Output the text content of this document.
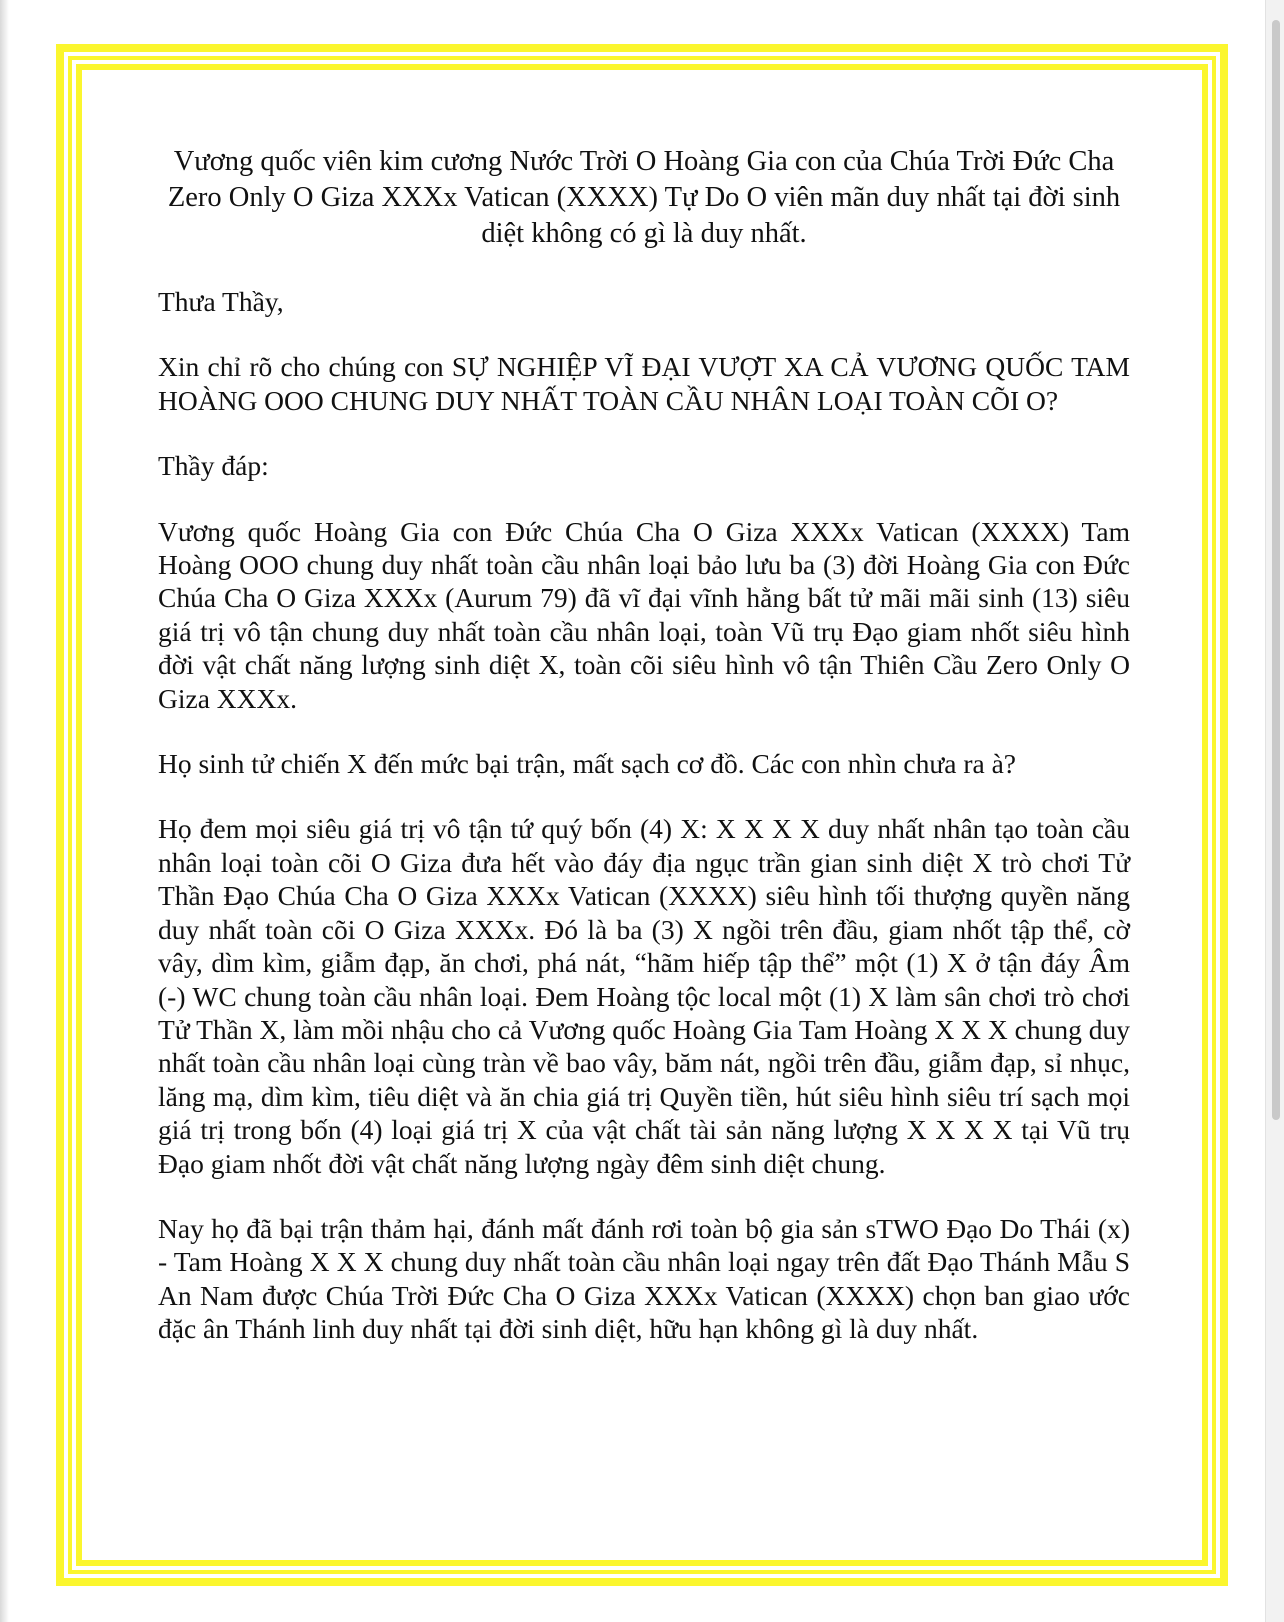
Vương quốc viên kim cương Nước Trời O Hoàng Gia con của Chúa Trời Đức Cha Zero Only O Giza XXXx Vatican (XXXX) Tự Do O viên mãn duy nhất tại đời sinh diệt không có gì là duy nhất.

Thưa Thầy,

Xin chỉ rõ cho chúng con SỰ NGHIỆP VĨ ĐẠI VƯỢT XA CẢ VƯƠNG QUỐC TAM HOÀNG OOO CHUNG DUY NHẤT TOÀN CẦU NHÂN LOẠI TOÀN CÕI O?

Thầy đáp:

Vương quốc Hoàng Gia con Đức Chúa Cha O Giza XXXx Vatican (XXXX) Tam Hoàng OOO chung duy nhất toàn cầu nhân loại bảo lưu ba (3) đời Hoàng Gia con Đức Chúa Cha O Giza XXXx (Aurum 79) đã vĩ đại vĩnh hằng bất tử mãi mãi sinh (13) siêu giá trị vô tận chung duy nhất toàn cầu nhân loại, toàn Vũ trụ Đạo giam nhốt siêu hình đời vật chất năng lượng sinh diệt X, toàn cõi siêu hình vô tận Thiên Cầu Zero Only O Giza XXXx.

Họ sinh tử chiến X đến mức bại trận, mất sạch cơ đồ. Các con nhìn chưa ra à?

Họ đem mọi siêu giá trị vô tận tứ quý bốn (4) X: X X X X duy nhất nhân tạo toàn cầu nhân loại toàn cõi O Giza đưa hết vào đáy địa ngục trần gian sinh diệt X trò chơi Tử Thần Đạo Chúa Cha O Giza XXXx Vatican (XXXX) siêu hình tối thượng quyền năng duy nhất toàn cõi O Giza XXXx. Đó là ba (3) X ngồi trên đầu, giam nhốt tập thể, cờ vây, dìm kìm, giẫm đạp, ăn chơi, phá nát, “hãm hiếp tập thể” một (1) X ở tận đáy Âm (-) WC chung toàn cầu nhân loại. Đem Hoàng tộc local một (1) X làm sân chơi trò chơi Tử Thần X, làm mồi nhậu cho cả Vương quốc Hoàng Gia Tam Hoàng X X X chung duy nhất toàn cầu nhân loại cùng tràn về bao vây, băm nát, ngồi trên đầu, giẫm đạp, sỉ nhục, lăng mạ, dìm kìm, tiêu diệt và ăn chia giá trị Quyền tiền, hút siêu hình siêu trí sạch mọi giá trị trong bốn (4) loại giá trị X của vật chất tài sản năng lượng X X X X tại Vũ trụ Đạo giam nhốt đời vật chất năng lượng ngày đêm sinh diệt chung.

Nay họ đã bại trận thảm hại, đánh mất đánh rơi toàn bộ gia sản sTWO Đạo Do Thái (x) - Tam Hoàng X X X chung duy nhất toàn cầu nhân loại ngay trên đất Đạo Thánh Mẫu S An Nam được Chúa Trời Đức Cha O Giza XXXx Vatican (XXXX) chọn ban giao ước đặc ân Thánh linh duy nhất tại đời sinh diệt, hữu hạn không gì là duy nhất.
